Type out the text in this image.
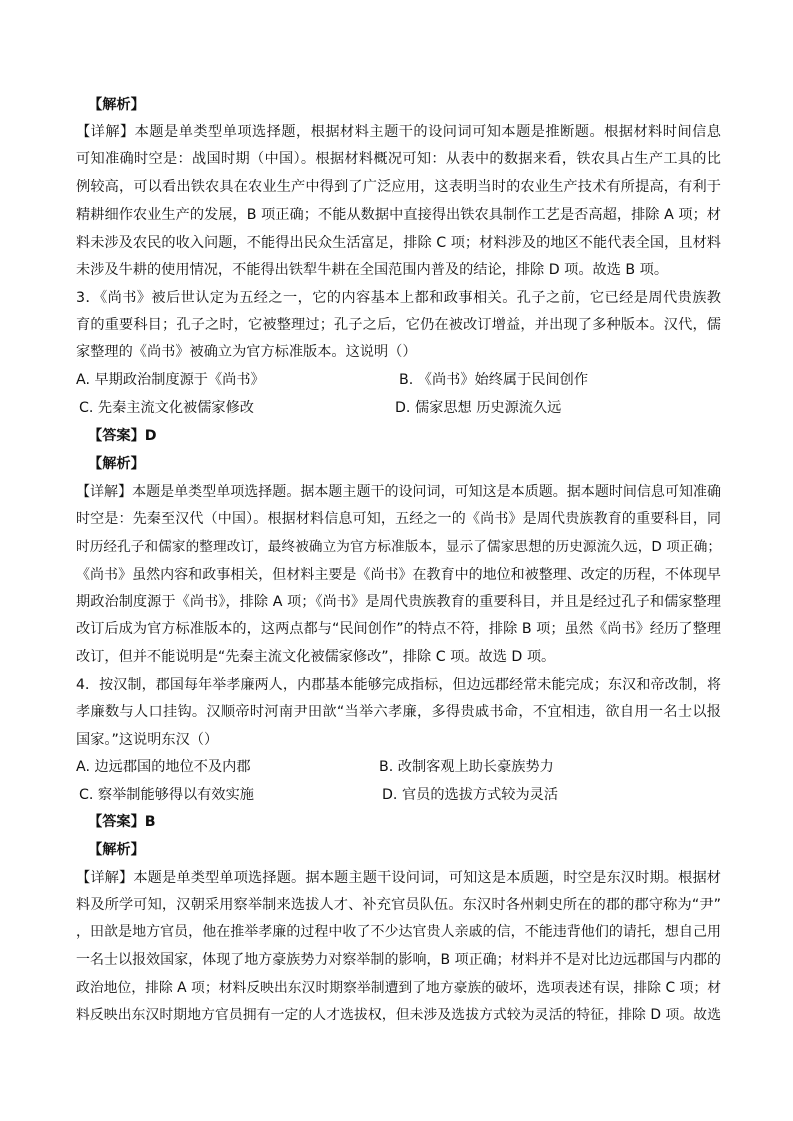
【解析】
【详解】本题是单类型单项选择题，根据材料主题干的设问词可知本题是推断题。根据材料时间信息
可知准确时空是：战国时期（中国）。根据材料概况可知：从表中的数据来看，铁农具占生产工具的比
例较高，可以看出铁农具在农业生产中得到了广泛应用，这表明当时的农业生产技术有所提高，有利于
精耕细作农业生产的发展，B 项正确；不能从数据中直接得出铁农具制作工艺是否高超，排除 A 项；材
料未涉及农民的收入问题，不能得出民众生活富足，排除 C 项；材料涉及的地区不能代表全国，且材料
未涉及牛耕的使用情况，不能得出铁犁牛耕在全国范围内普及的结论，排除 D 项。故选 B 项。
3．《尚书》被后世认定为五经之一，它的内容基本上都和政事相关。孔子之前，它已经是周代贵族教
育的重要科目；孔子之时，它被整理过；孔子之后，它仍在被改订增益，并出现了多种版本。汉代，儒
家整理的《尚书》被确立为官方标准版本。这说明（）
A. 早期政治制度源于《尚书》	B. 《尚书》始终属于民间创作
C. 先秦主流文化被儒家修改	D. 儒家思想 历史源流久远
【答案】D
【解析】
【详解】本题是单类型单项选择题。据本题主题干的设问词，可知这是本质题。据本题时间信息可知准确
时空是：先秦至汉代（中国）。根据材料信息可知，五经之一的《尚书》是周代贵族教育的重要科目，同
时历经孔子和儒家的整理改订，最终被确立为官方标准版本，显示了儒家思想的历史源流久远，D 项正确；
《尚书》虽然内容和政事相关，但材料主要是《尚书》在教育中的地位和被整理、改定的历程，不体现早
期政治制度源于《尚书》，排除 A 项；《尚书》是周代贵族教育的重要科目，并且是经过孔子和儒家整理
改订后成为官方标准版本的，这两点都与“民间创作”的特点不符，排除 B 项；虽然《尚书》经历了整理
改订，但并不能说明是“先秦主流文化被儒家修改”，排除 C 项。故选 D 项。
4．按汉制，郡国每年举孝廉两人，内郡基本能够完成指标，但边远郡经常未能完成；东汉和帝改制，将
孝廉数与人口挂钩。汉顺帝时河南尹田歆“当举六孝廉，多得贵戚书命，不宜相违，欲自用一名士以报
国家。”这说明东汉（）
A. 边远郡国的地位不及内郡	B. 改制客观上助长豪族势力
C. 察举制能够得以有效实施	D. 官员的选拔方式较为灵活
【答案】B
【解析】
【详解】本题是单类型单项选择题。据本题主题干设问词，可知这是本质题，时空是东汉时期。根据材
料及所学可知，汉朝采用察举制来选拔人才、补充官员队伍。东汉时各州刺史所在的郡的郡守称为“尹”
，田歆是地方官员，他在推举孝廉的过程中收了不少达官贵人亲戚的信，不能违背他们的请托，想自己用
一名士以报效国家，体现了地方豪族势力对察举制的影响，B 项正确；材料并不是对比边远郡国与内郡的
政治地位，排除 A 项；材料反映出东汉时期察举制遭到了地方豪族的破坏，选项表述有误，排除 C 项；材
料反映出东汉时期地方官员拥有一定的人才选拔权，但未涉及选拔方式较为灵活的特征，排除 D 项。故选
